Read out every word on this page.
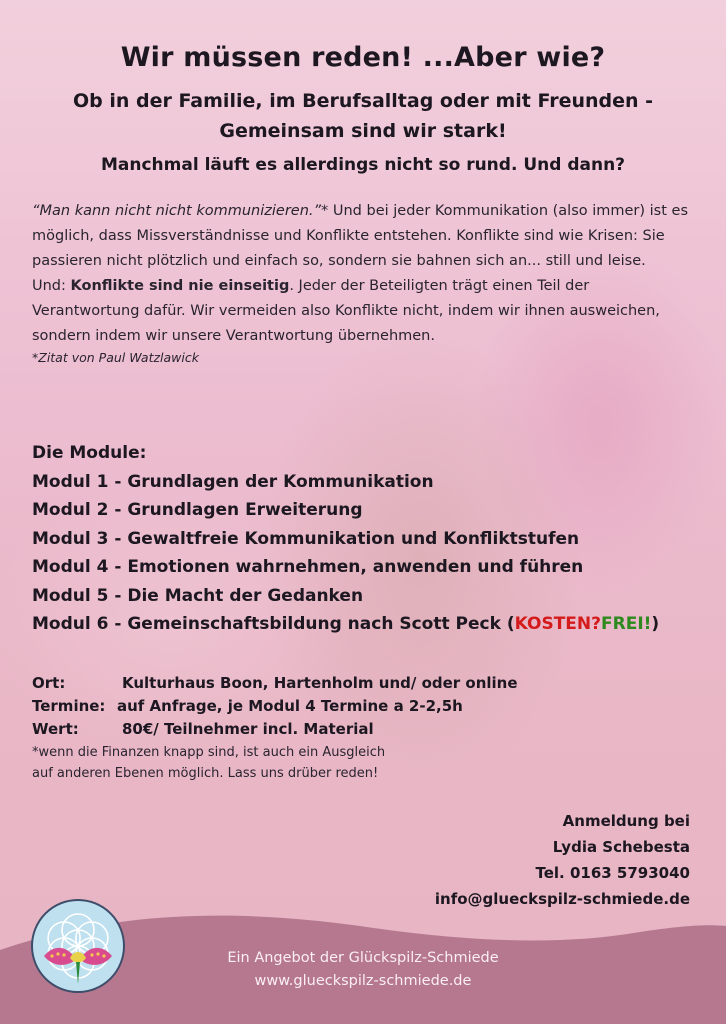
Wir müssen reden! ...Aber wie?
Ob in der Familie, im Berufsalltag oder mit Freunden -
Gemeinsam sind wir stark!
Manchmal läuft es allerdings nicht so rund. Und dann?
“Man kann nicht nicht kommunizieren.”* Und bei jeder Kommunikation (also immer) ist es möglich, dass Missverständnisse und Konflikte entstehen. Konflikte sind wie Krisen: Sie passieren nicht plötzlich und einfach so, sondern sie bahnen sich an... still und leise.
Und: Konflikte sind nie einseitig. Jeder der Beteiligten trägt einen Teil der Verantwortung dafür. Wir vermeiden also Konflikte nicht, indem wir ihnen ausweichen, sondern indem wir unsere Verantwortung übernehmen.
*Zitat von Paul Watzlawick
Die Module:
Modul 1 - Grundlagen der Kommunikation
Modul 2 - Grundlagen Erweiterung
Modul 3 - Gewaltfreie Kommunikation und Konfliktstufen
Modul 4 - Emotionen wahrnehmen, anwenden und führen
Modul 5 - Die Macht der Gedanken
Modul 6 - Gemeinschaftsbildung nach Scott Peck (KOSTEN?FREI!)
Ort:	Kulturhaus Boon, Hartenholm und/ oder online
Termine: auf Anfrage, je Modul 4 Termine a 2-2,5h
Wert:	80€/ Teilnehmer incl. Material
*wenn die Finanzen knapp sind, ist auch ein Ausgleich
auf anderen Ebenen möglich. Lass uns drüber reden!
Anmeldung bei
Lydia Schebesta
Tel. 0163 5793040
info@glueckspilz-schmiede.de
Ein Angebot der Glückspilz-Schmiede
www.glueckspilz-schmiede.de
